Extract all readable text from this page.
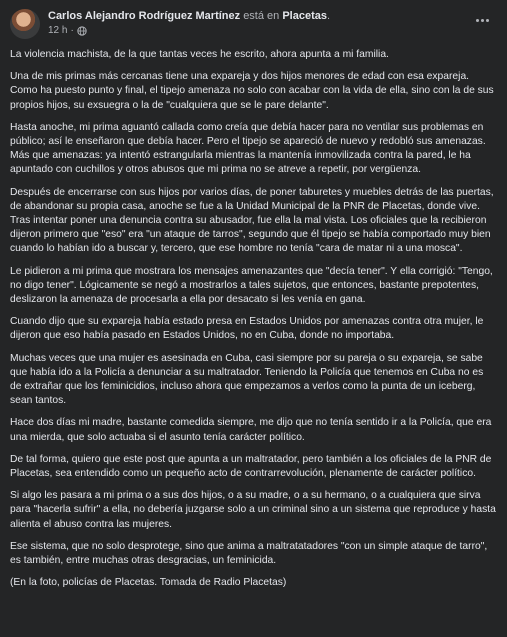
Carlos Alejandro Rodríguez Martínez está en Placetas.
12 h ·

La violencia machista, de la que tantas veces he escrito, ahora apunta a mi familia.

Una de mis primas más cercanas tiene una expareja y dos hijos menores de edad con esa expareja. Como ha puesto punto y final, el tipejo amenaza no solo con acabar con la vida de ella, sino con la de sus propios hijos, su exsuegra o la de "cualquiera que se le pare delante".

Hasta anoche, mi prima aguantó callada como creía que debía hacer para no ventilar sus problemas en público; así le enseñaron que debía hacer. Pero el tipejo se apareció de nuevo y redobló sus amenazas. Más que amenazas: ya intentó estrangularla mientras la mantenía inmovilizada contra la pared, le ha apuntado con cuchillos y otros abusos que mi prima no se atreve a repetir, por vergüenza.

Después de encerrarse con sus hijos por varios días, de poner taburetes y muebles detrás de las puertas, de abandonar su propia casa, anoche se fue a la Unidad Municipal de la PNR de Placetas, donde vive. Tras intentar poner una denuncia contra su abusador, fue ella la mal vista. Los oficiales que la recibieron dijeron primero que "eso" era "un ataque de tarros", segundo que él tipejo se había comportado muy bien cuando lo habían ido a buscar y, tercero, que ese hombre no tenía "cara de matar ni a una mosca".

Le pidieron a mi prima que mostrara los mensajes amenazantes que "decía tener". Y ella corrigió: "Tengo, no digo tener". Lógicamente se negó a mostrarlos a tales sujetos, que entonces, bastante prepotentes, deslizaron la amenaza de procesarla a ella por desacato si les venía en gana.

Cuando dijo que su expareja había estado presa en Estados Unidos por amenazas contra otra mujer, le dijeron que eso había pasado en Estados Unidos, no en Cuba, donde no importaba.

Muchas veces que una mujer es asesinada en Cuba, casi siempre por su pareja o su expareja, se sabe que había ido a la Policía a denunciar a su maltratador. Teniendo la Policía que tenemos en Cuba no es de extrañar que los feminicidios, incluso ahora que empezamos a verlos como la punta de un iceberg, sean tantos.

Hace dos días mi madre, bastante comedida siempre, me dijo que no tenía sentido ir a la Policía, que era una mierda, que solo actuaba si el asunto tenía carácter político.

De tal forma, quiero que este post que apunta a un maltratador, pero también a los oficiales de la PNR de Placetas, sea entendido como un pequeño acto de contrarrevolución, plenamente de carácter político.

Si algo les pasara a mi prima o a sus dos hijos, o a su madre, o a su hermano, o a cualquiera que sirva para "hacerla sufrir" a ella, no debería juzgarse solo a un criminal sino a un sistema que reproduce y hasta alienta el abuso contra las mujeres.

Ese sistema, que no solo desprotege, sino que anima a maltratatadores "con un simple ataque de tarro", es también, entre muchas otras desgracias, un feminicida.

(En la foto, policías de Placetas. Tomada de Radio Placetas)
